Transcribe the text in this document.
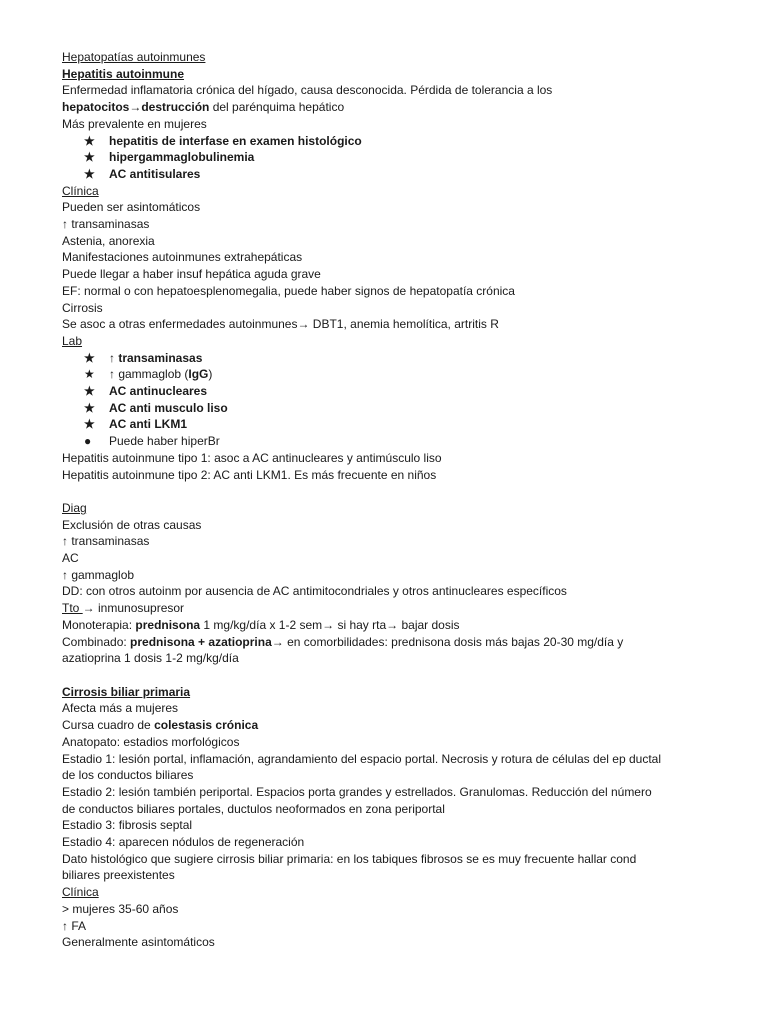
Hepatopatías autoinmunes

Hepatitis autoinmune

Enfermedad inflamatoria crónica del hígado, causa desconocida. Pérdida de tolerancia a los

hepatocitos→destrucción del parénquima hepático

Más prevalente en mujeres

★ hepatitis de interfase en examen histológico

★ hipergammaglobulinemia

★ AC antitisulares

Clínica

Pueden ser asintomáticos

↑ transaminasas

Astenia, anorexia

Manifestaciones autoinmunes extrahepáticas

Puede llegar a haber insuf hepática aguda grave

EF: normal o con hepatoesplenomegalia, puede haber signos de hepatopatía crónica

Cirrosis

Se asoc a otras enfermedades autoinmunes→ DBT1, anemia hemolítica, artritis R

Lab

★ ↑ transaminasas

★ ↑ gammaglob (IgG)

★ AC antinucleares

★ AC anti musculo liso

★ AC anti LKM1

● Puede haber hiperBr

Hepatitis autoinmune tipo 1: asoc a AC antinucleares y antimúsculo liso

Hepatitis autoinmune tipo 2: AC anti LKM1. Es más frecuente en niños

Diag

Exclusión de otras causas

↑ transaminasas

AC

↑ gammaglob

DD: con otros autoinm por ausencia de AC antimitocondriales y otros antinucleares específicos

Tto → inmunosupresor

Monoterapia: prednisona 1 mg/kg/día x 1-2 sem→ si hay rta→ bajar dosis

Combinado: prednisona + azatioprina→ en comorbilidades: prednisona dosis más bajas 20-30 mg/día y

azatioprina 1 dosis 1-2 mg/kg/día

Cirrosis biliar primaria

Afecta más a mujeres

Cursa cuadro de colestasis crónica

Anatopato: estadios morfológicos

Estadio 1: lesión portal, inflamación, agrandamiento del espacio portal. Necrosis y rotura de células del ep ductal

de los conductos biliares

Estadio 2: lesión también periportal. Espacios porta grandes y estrellados. Granulomas. Reducción del número

de conductos biliares portales, ductulos neoformados en zona periportal

Estadio 3: fibrosis septal

Estadio 4: aparecen nódulos de regeneración

Dato histológico que sugiere cirrosis biliar primaria: en los tabiques fibrosos se es muy frecuente hallar cond

biliares preexistentes

Clínica

> mujeres 35-60 años

↑ FA

Generalmente asintomáticos
